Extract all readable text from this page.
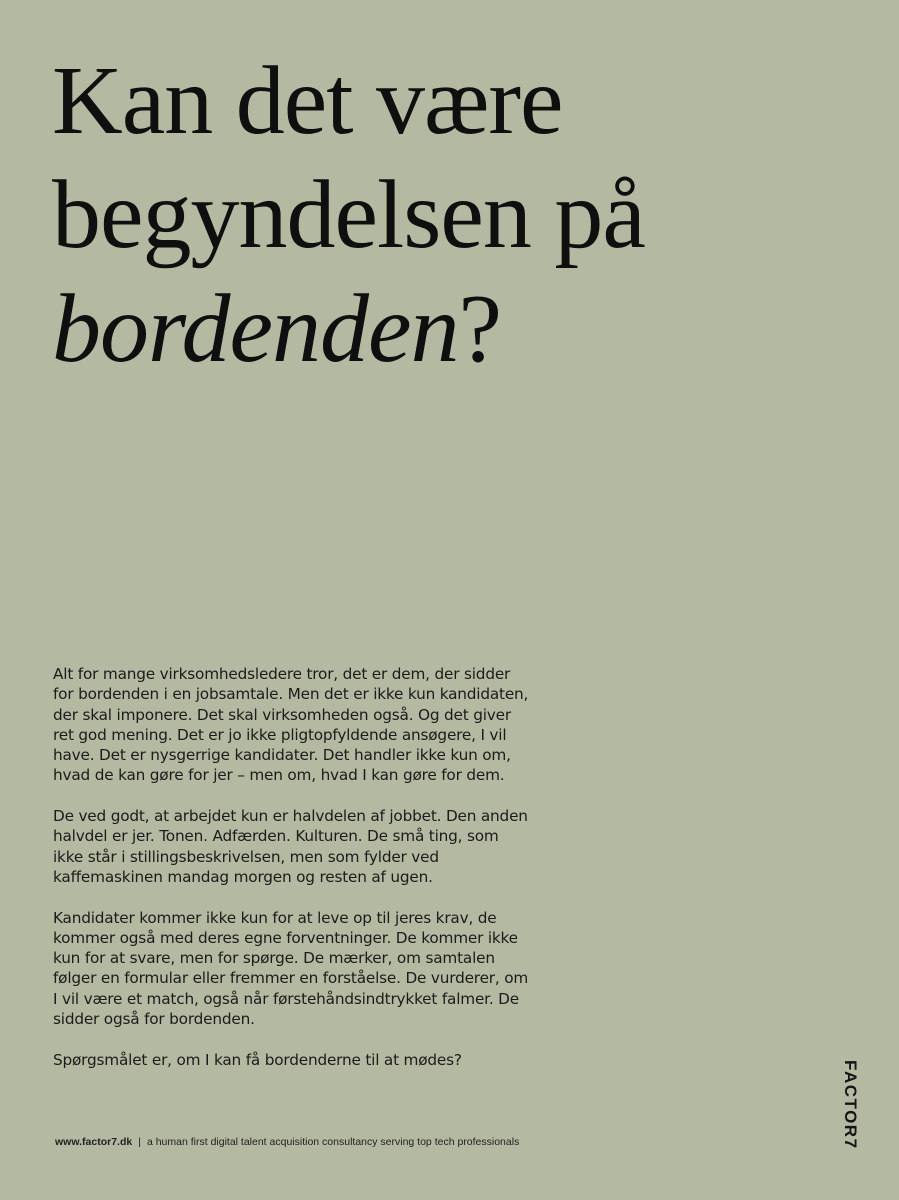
Kan det være
begyndelsen på
bordenden?

Alt for mange virksomhedsledere tror, det er dem, der sidder for bordenden i en jobsamtale. Men det er ikke kun kandidaten, der skal imponere. Det skal virksomheden også. Og det giver ret god mening. Det er jo ikke pligtopfyldende ansøgere, I vil have. Det er nysgerrige kandidater. Det handler ikke kun om, hvad de kan gøre for jer – men om, hvad I kan gøre for dem.

De ved godt, at arbejdet kun er halvdelen af jobbet. Den anden halvdel er jer. Tonen. Adfærden. Kulturen. De små ting, som ikke står i stillingsbeskrivelsen, men som fylder ved kaffemaskinen mandag morgen og resten af ugen.

Kandidater kommer ikke kun for at leve op til jeres krav, de kommer også med deres egne forventninger. De kommer ikke kun for at svare, men for spørge. De mærker, om samtalen følger en formular eller fremmer en forståelse. De vurderer, om I vil være et match, også når førstehåndsindtrykket falmer. De sidder også for bordenden.

Spørgsmålet er, om I kan få bordenderne til at mødes?

www.factor7.dk | a human first digital talent acquisition consultancy serving top tech professionals	FACTOR7
